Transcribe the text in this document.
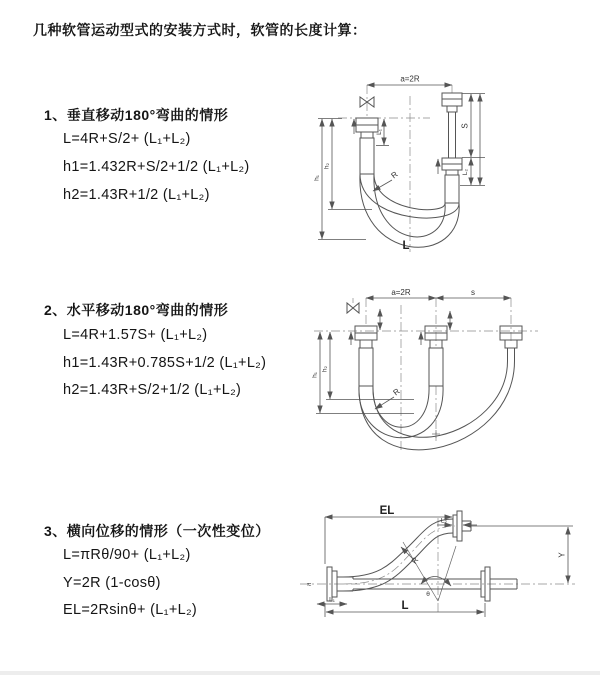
几种软管运动型式的安装方式时，软管的长度计算：
1、垂直移动180°弯曲的情形
L=4R+S/2+ (L₁+L₂)
h1=1.432R+S/2+1/2 (L₁+L₂)
h2=1.43R+1/2 (L₁+L₂)
a=2R
S
L₂
L₁
h₁
h₂
R
L
2、水平移动180°弯曲的情形
L=4R+1.57S+ (L₁+L₂)
h1=1.43R+0.785S+1/2 (L₁+L₂)
h2=1.43R+S/2+1/2 (L₁+L₂)
a=2R	s
h₁
h₂
R
3、横向位移的情形（一次性变位）
L=πRθ/90+ (L₁+L₂)
Y=2R (1-cosθ)
EL=2Rsinθ+ (L₁+L₂)
EL
L₂
Y
R
θ
L
L₁
≈
